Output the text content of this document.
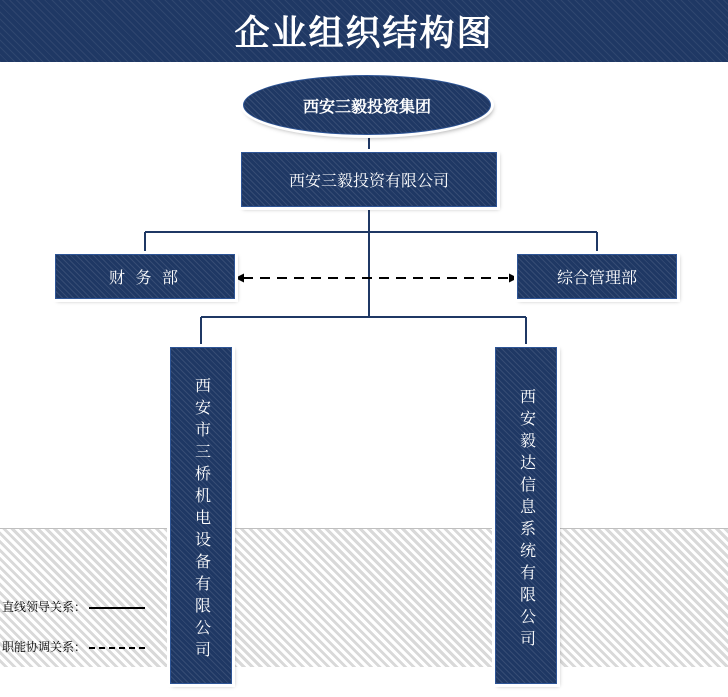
企业组织结构图
西安三毅投资集团
西安三毅投资有限公司
财 务 部	综合管理部
西安市三桥机电设备有限公司	西安毅达信息系统有限公司
直线领导关系：
职能协调关系：
